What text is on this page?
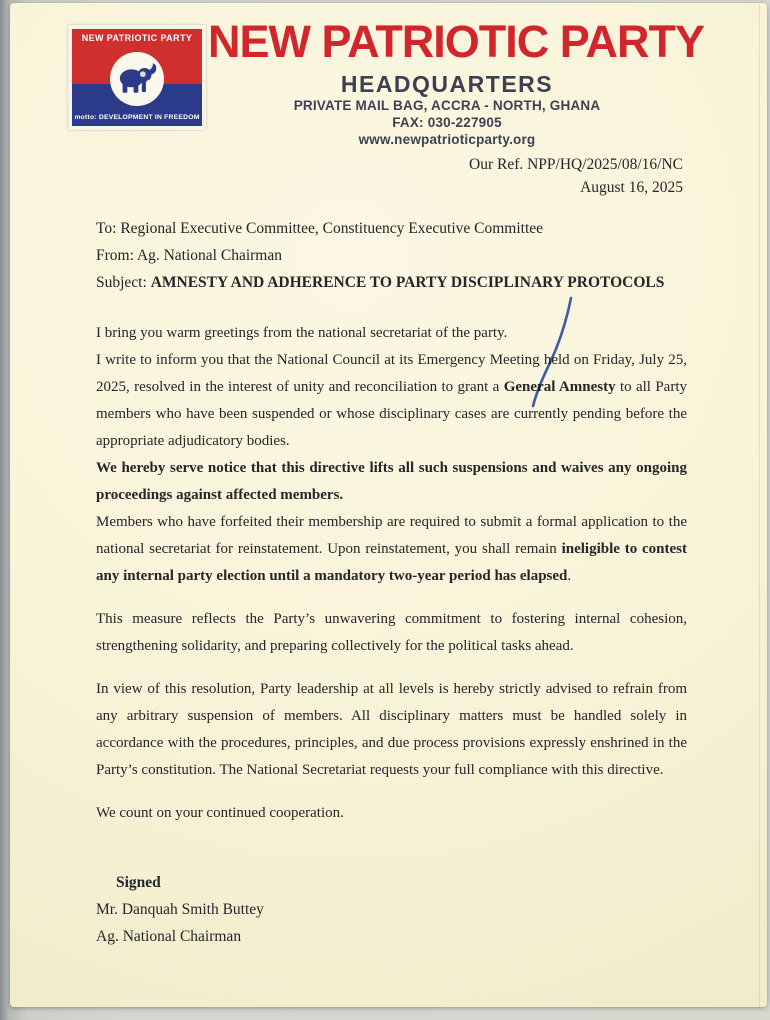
NEW PATRIOTIC PARTY
motto: DEVELOPMENT IN FREEDOM
NEW PATRIOTIC PARTY
HEADQUARTERS
PRIVATE MAIL BAG, ACCRA - NORTH, GHANA
FAX: 030-227905
www.newpatrioticparty.org
Our Ref. NPP/HQ/2025/08/16/NC
August 16, 2025
To: Regional Executive Committee, Constituency Executive Committee
From: Ag. National Chairman
Subject: AMNESTY AND ADHERENCE TO PARTY DISCIPLINARY PROTOCOLS

I bring you warm greetings from the national secretariat of the party.

I write to inform you that the National Council at its Emergency Meeting held on Friday, July 25, 2025, resolved in the interest of unity and reconciliation to grant a General Amnesty to all Party members who have been suspended or whose disciplinary cases are currently pending before the appropriate adjudicatory bodies.

We hereby serve notice that this directive lifts all such suspensions and waives any ongoing proceedings against affected members.

Members who have forfeited their membership are required to submit a formal application to the national secretariat for reinstatement. Upon reinstatement, you shall remain ineligible to contest any internal party election until a mandatory two-year period has elapsed.

This measure reflects the Party’s unwavering commitment to fostering internal cohesion, strengthening solidarity, and preparing collectively for the political tasks ahead.

In view of this resolution, Party leadership at all levels is hereby strictly advised to refrain from any arbitrary suspension of members. All disciplinary matters must be handled solely in accordance with the procedures, principles, and due process provisions expressly enshrined in the Party’s constitution. The National Secretariat requests your full compliance with this directive.

We count on your continued cooperation.

Signed
Mr. Danquah Smith Buttey
Ag. National Chairman
